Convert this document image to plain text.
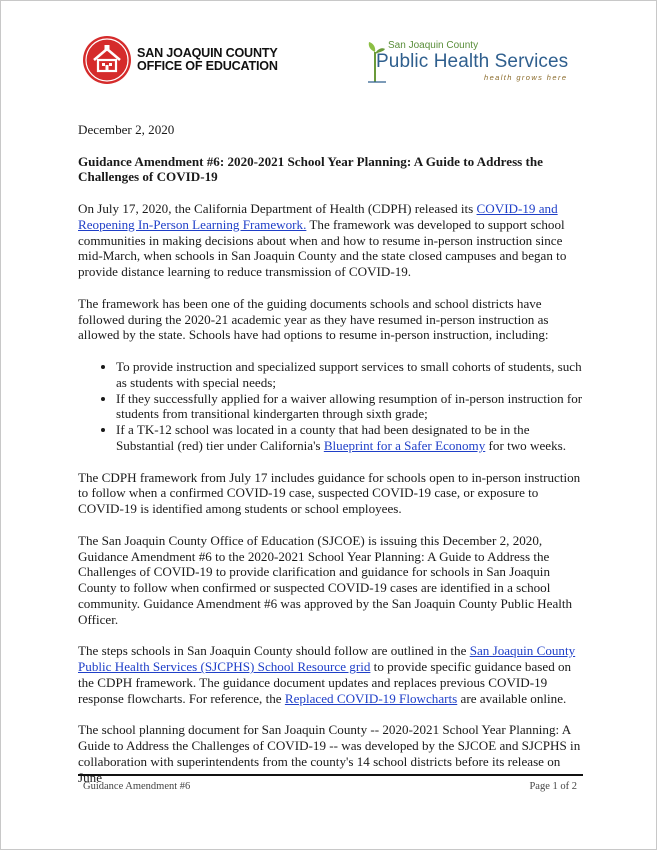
SAN JOAQUIN COUNTY
OFFICE OF EDUCATION
San Joaquin County
Public Health Services
health grows here

December 2, 2020

Guidance Amendment #6: 2020-2021 School Year Planning: A Guide to Address the Challenges of COVID-19

On July 17, 2020, the California Department of Health (CDPH) released its COVID-19 and Reopening In-Person Learning Framework. The framework was developed to support school communities in making decisions about when and how to resume in-person instruction since mid-March, when schools in San Joaquin County and the state closed campuses and began to provide distance learning to reduce transmission of COVID-19.

The framework has been one of the guiding documents schools and school districts have followed during the 2020-21 academic year as they have resumed in-person instruction as allowed by the state. Schools have had options to resume in-person instruction, including:

• To provide instruction and specialized support services to small cohorts of students, such as students with special needs;
• If they successfully applied for a waiver allowing resumption of in-person instruction for students from transitional kindergarten through sixth grade;
• If a TK-12 school was located in a county that had been designated to be in the Substantial (red) tier under California's Blueprint for a Safer Economy for two weeks.

The CDPH framework from July 17 includes guidance for schools open to in-person instruction to follow when a confirmed COVID-19 case, suspected COVID-19 case, or exposure to COVID-19 is identified among students or school employees.

The San Joaquin County Office of Education (SJCOE) is issuing this December 2, 2020, Guidance Amendment #6 to the 2020-2021 School Year Planning: A Guide to Address the Challenges of COVID-19 to provide clarification and guidance for schools in San Joaquin County to follow when confirmed or suspected COVID-19 cases are identified in a school community. Guidance Amendment #6 was approved by the San Joaquin County Public Health Officer.

The steps schools in San Joaquin County should follow are outlined in the San Joaquin County Public Health Services (SJCPHS) School Resource grid to provide specific guidance based on the CDPH framework. The guidance document updates and replaces previous COVID-19 response flowcharts. For reference, the Replaced COVID-19 Flowcharts are available online.

The school planning document for San Joaquin County -- 2020-2021 School Year Planning: A Guide to Address the Challenges of COVID-19 -- was developed by the SJCOE and SJCPHS in collaboration with superintendents from the county's 14 school districts before its release on June

Guidance Amendment #6	Page 1 of 2
